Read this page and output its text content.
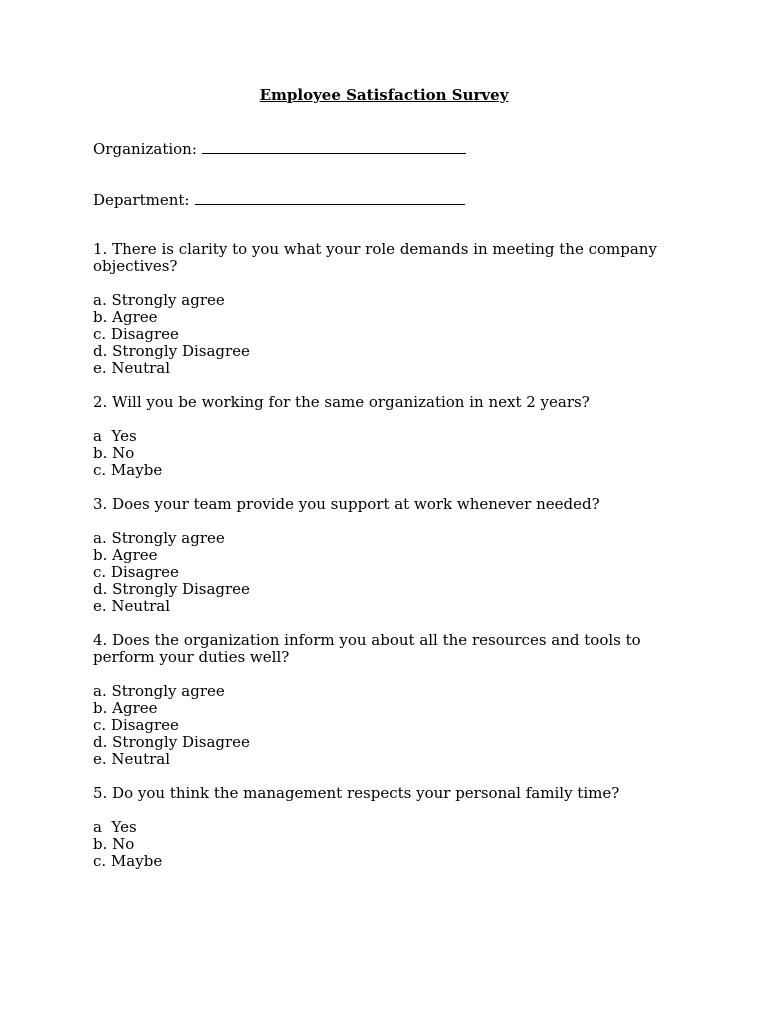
Employee Satisfaction Survey
Organization:
Department:
1. There is clarity to you what your role demands in meeting the company objectives?
a. Strongly agree
b. Agree
c. Disagree
d. Strongly Disagree
e. Neutral
2. Will you be working for the same organization in next 2 years?
a  Yes
b. No
c. Maybe
3. Does your team provide you support at work whenever needed?
a. Strongly agree
b. Agree
c. Disagree
d. Strongly Disagree
e. Neutral
4. Does the organization inform you about all the resources and tools to perform your duties well?
a. Strongly agree
b. Agree
c. Disagree
d. Strongly Disagree
e. Neutral
5. Do you think the management respects your personal family time?
a  Yes
b. No
c. Maybe
